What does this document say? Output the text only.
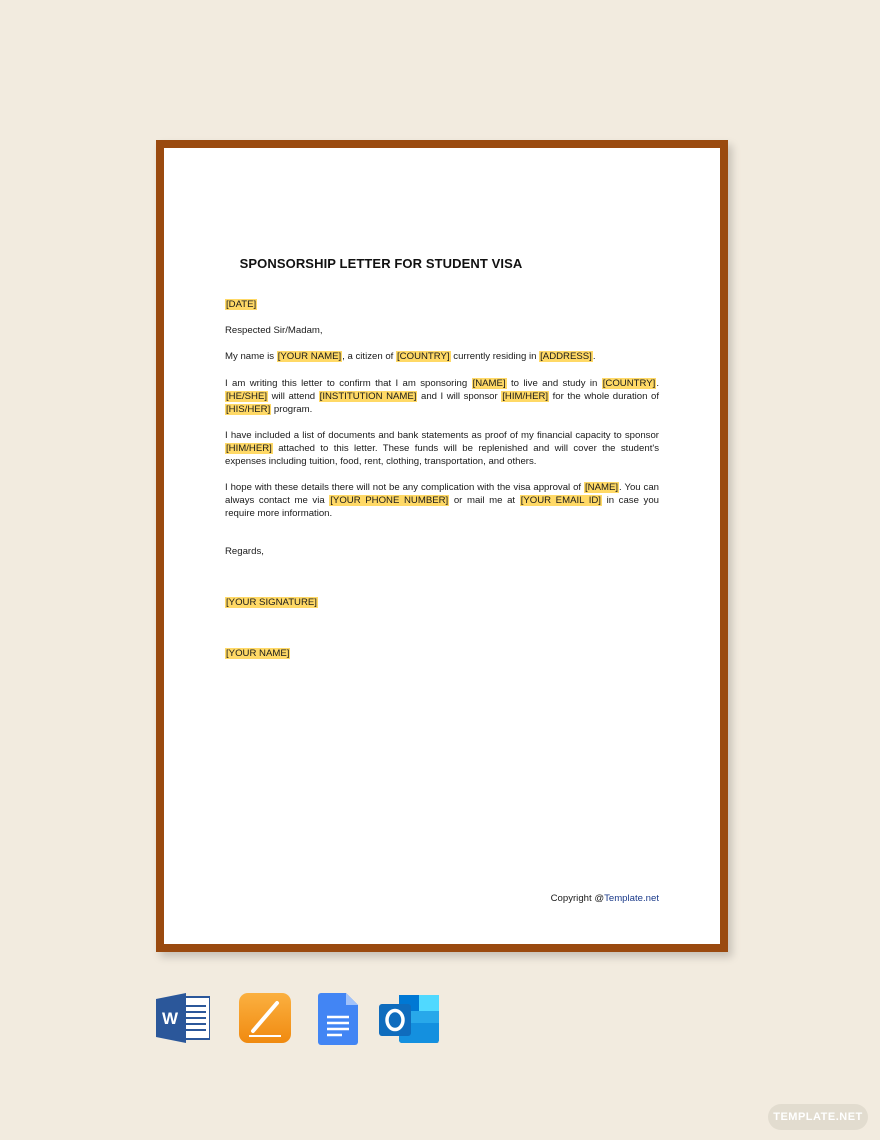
SPONSORSHIP LETTER FOR STUDENT VISA
[DATE]
Respected Sir/Madam,
My name is [YOUR NAME], a citizen of [COUNTRY] currently residing in [ADDRESS].
I am writing this letter to confirm that I am sponsoring [NAME] to live and study in [COUNTRY]. [HE/SHE] will attend [INSTITUTION NAME] and I will sponsor [HIM/HER] for the whole duration of [HIS/HER] program.
I have included a list of documents and bank statements as proof of my financial capacity to sponsor [HIM/HER] attached to this letter. These funds will be replenished and will cover the student's expenses including tuition, food, rent, clothing, transportation, and others.
I hope with these details there will not be any complication with the visa approval of [NAME]. You can always contact me via [YOUR PHONE NUMBER] or mail me at [YOUR EMAIL ID] in case you require more information.
Regards,
[YOUR SIGNATURE]
[YOUR NAME]
Copyright @Template.net
W
TEMPLATE.NET
